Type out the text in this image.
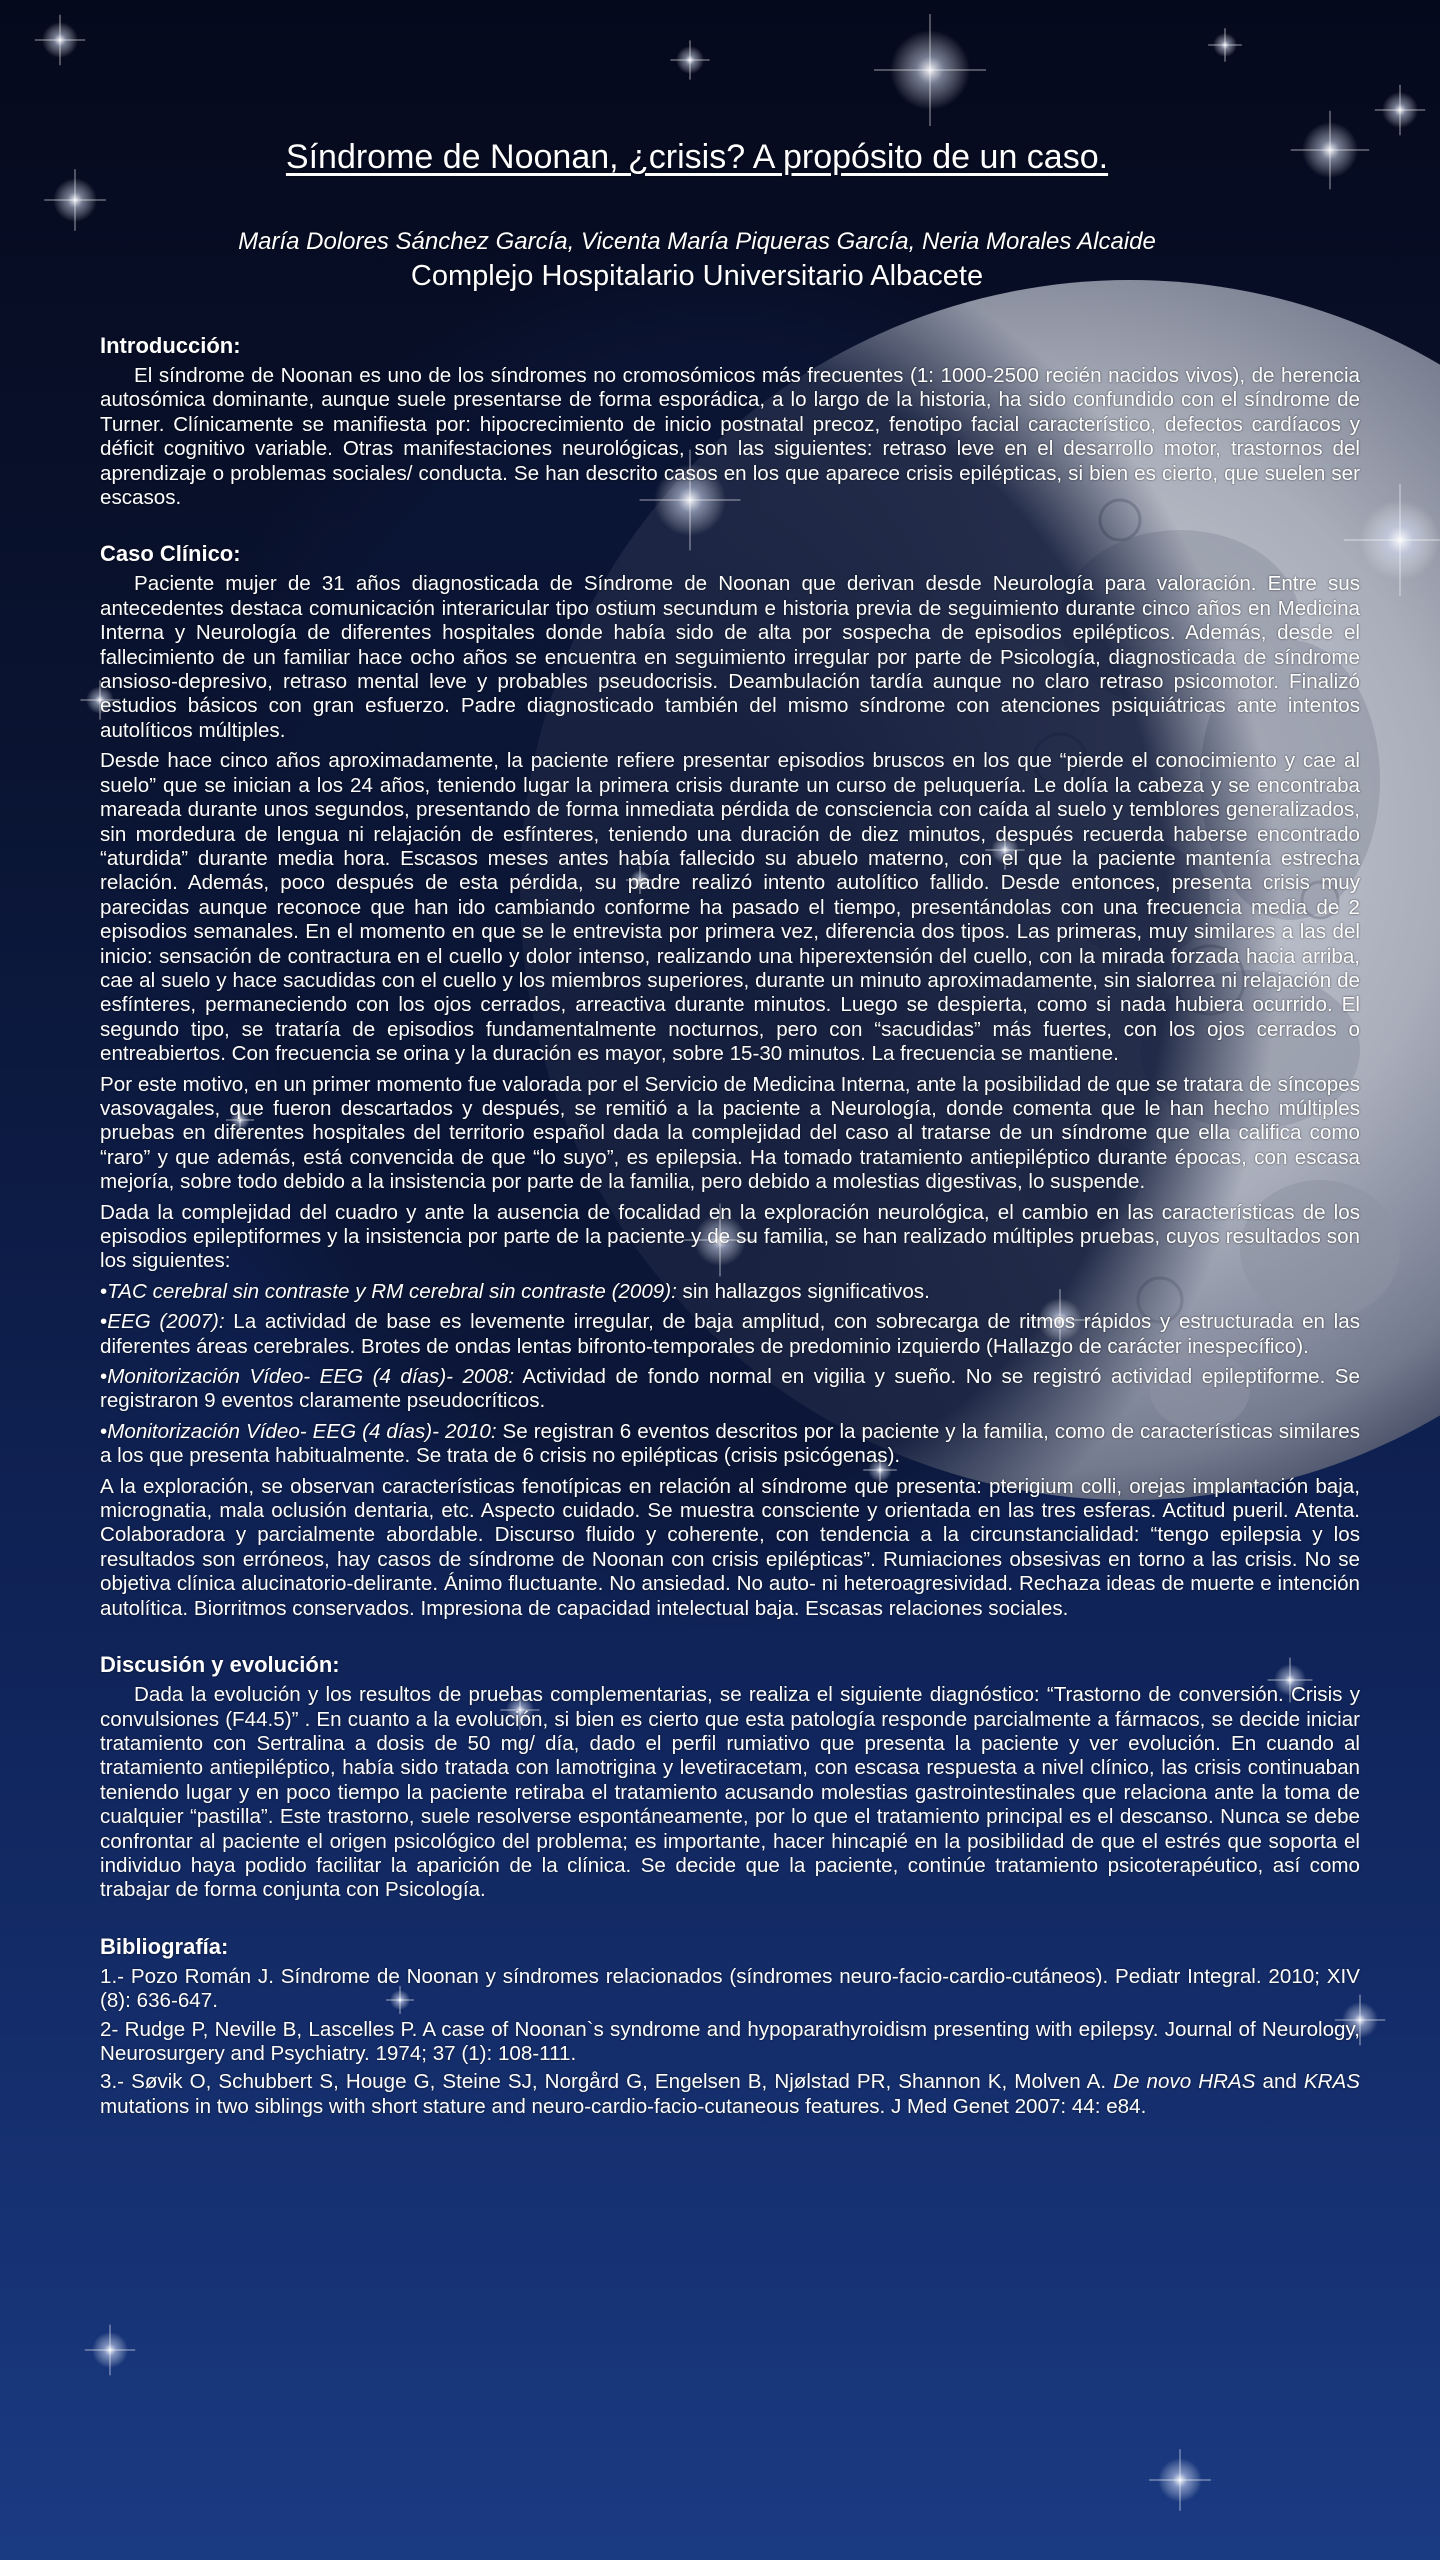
Síndrome de Noonan, ¿crisis? A propósito de un caso.

María Dolores Sánchez García, Vicenta María Piqueras García, Neria Morales Alcaide

Complejo Hospitalario Universitario Albacete

Introducción:

El síndrome de Noonan es uno de los síndromes no cromosómicos más frecuentes (1: 1000-2500 recién nacidos vivos), de herencia autosómica dominante, aunque suele presentarse de forma esporádica, a lo largo de la historia, ha sido confundido con el síndrome de Turner. Clínicamente se manifiesta por: hipocrecimiento de inicio postnatal precoz, fenotipo facial característico, defectos cardíacos y déficit cognitivo variable. Otras manifestaciones neurológicas, son las siguientes: retraso leve en el desarrollo motor, trastornos del aprendizaje o problemas sociales/ conducta. Se han descrito casos en los que aparece crisis epilépticas, si bien es cierto, que suelen ser escasos.

Caso Clínico:

Paciente mujer de 31 años diagnosticada de Síndrome de Noonan que derivan desde Neurología para valoración. Entre sus antecedentes destaca comunicación interaricular tipo ostium secundum e historia previa de seguimiento durante cinco años en Medicina Interna y Neurología de diferentes hospitales donde había sido de alta por sospecha de episodios epilépticos. Además, desde el fallecimiento de un familiar hace ocho años se encuentra en seguimiento irregular por parte de Psicología, diagnosticada de síndrome ansioso-depresivo, retraso mental leve y probables pseudocrisis. Deambulación tardía aunque no claro retraso psicomotor. Finalizó estudios básicos con gran esfuerzo. Padre diagnosticado también del mismo síndrome con atenciones psiquiátricas ante intentos autolíticos múltiples.

Desde hace cinco años aproximadamente, la paciente refiere presentar episodios bruscos en los que “pierde el conocimiento y cae al suelo” que se inician a los 24 años, teniendo lugar la primera crisis durante un curso de peluquería. Le dolía la cabeza y se encontraba mareada durante unos segundos, presentando de forma inmediata pérdida de consciencia con caída al suelo y temblores generalizados, sin mordedura de lengua ni relajación de esfínteres, teniendo una duración de diez minutos, después recuerda haberse encontrado “aturdida” durante media hora. Escasos meses antes había fallecido su abuelo materno, con el que la paciente mantenía estrecha relación. Además, poco después de esta pérdida, su padre realizó intento autolítico fallido. Desde entonces, presenta crisis muy parecidas aunque reconoce que han ido cambiando conforme ha pasado el tiempo, presentándolas con una frecuencia media de 2 episodios semanales. En el momento en que se le entrevista por primera vez, diferencia dos tipos. Las primeras, muy similares a las del inicio: sensación de contractura en el cuello y dolor intenso, realizando una hiperextensión del cuello, con la mirada forzada hacia arriba, cae al suelo y hace sacudidas con el cuello y los miembros superiores, durante un minuto aproximadamente, sin sialorrea ni relajación de esfínteres, permaneciendo con los ojos cerrados, arreactiva durante minutos. Luego se despierta, como si nada hubiera ocurrido. El segundo tipo, se trataría de episodios fundamentalmente nocturnos, pero con “sacudidas” más fuertes, con los ojos cerrados o entreabiertos. Con frecuencia se orina y la duración es mayor, sobre 15-30 minutos. La frecuencia se mantiene.

Por este motivo, en un primer momento fue valorada por el Servicio de Medicina Interna, ante la posibilidad de que se tratara de síncopes vasovagales, que fueron descartados y después, se remitió a la paciente a Neurología, donde comenta que le han hecho múltiples pruebas en diferentes hospitales del territorio español dada la complejidad del caso al tratarse de un síndrome que ella califica como “raro” y que además, está convencida de que “lo suyo”, es epilepsia. Ha tomado tratamiento antiepiléptico durante épocas, con escasa mejoría, sobre todo debido a la insistencia por parte de la familia, pero debido a molestias digestivas, lo suspende.

Dada la complejidad del cuadro y ante la ausencia de focalidad en la exploración neurológica, el cambio en las características de los episodios epileptiformes y la insistencia por parte de la paciente y de su familia, se han realizado múltiples pruebas, cuyos resultados son los siguientes:

•TAC cerebral sin contraste y RM cerebral sin contraste (2009): sin hallazgos significativos.

•EEG (2007): La actividad de base es levemente irregular, de baja amplitud, con sobrecarga de ritmos rápidos y estructurada en las diferentes áreas cerebrales. Brotes de ondas lentas bifronto-temporales de predominio izquierdo (Hallazgo de carácter inespecífico).

•Monitorización Vídeo- EEG (4 días)- 2008: Actividad de fondo normal en vigilia y sueño. No se registró actividad epileptiforme. Se registraron 9 eventos claramente pseudocríticos.

•Monitorización Vídeo- EEG (4 días)- 2010: Se registran 6 eventos descritos por la paciente y la familia, como de características similares a los que presenta habitualmente. Se trata de 6 crisis no epilépticas (crisis psicógenas).

A la exploración, se observan características fenotípicas en relación al síndrome que presenta: pterigium colli, orejas implantación baja, micrognatia, mala oclusión dentaria, etc. Aspecto cuidado. Se muestra consciente y orientada en las tres esferas. Actitud pueril. Atenta. Colaboradora y parcialmente abordable. Discurso fluido y coherente, con tendencia a la circunstancialidad: “tengo epilepsia y los resultados son erróneos, hay casos de síndrome de Noonan con crisis epilépticas”. Rumiaciones obsesivas en torno a las crisis. No se objetiva clínica alucinatorio-delirante. Ánimo fluctuante. No ansiedad. No auto- ni heteroagresividad. Rechaza ideas de muerte e intención autolítica. Biorritmos conservados. Impresiona de capacidad intelectual baja. Escasas relaciones sociales.

Discusión y evolución:

Dada la evolución y los resultos de pruebas complementarias, se realiza el siguiente diagnóstico: “Trastorno de conversión. Crisis y convulsiones (F44.5)” . En cuanto a la evolución, si bien es cierto que esta patología responde parcialmente a fármacos, se decide iniciar tratamiento con Sertralina a dosis de 50 mg/ día, dado el perfil rumiativo que presenta la paciente y ver evolución. En cuando al tratamiento antiepiléptico, había sido tratada con lamotrigina y levetiracetam, con escasa respuesta a nivel clínico, las crisis continuaban teniendo lugar y en poco tiempo la paciente retiraba el tratamiento acusando molestias gastrointestinales que relaciona ante la toma de cualquier “pastilla”. Este trastorno, suele resolverse espontáneamente, por lo que el tratamiento principal es el descanso. Nunca se debe confrontar al paciente el origen psicológico del problema; es importante, hacer hincapié en la posibilidad de que el estrés que soporta el individuo haya podido facilitar la aparición de la clínica. Se decide que la paciente, continúe tratamiento psicoterapéutico, así como trabajar de forma conjunta con Psicología.

Bibliografía:

1.- Pozo Román J. Síndrome de Noonan y síndromes relacionados (síndromes neuro-facio-cardio-cutáneos). Pediatr Integral. 2010; XIV (8): 636-647.

2- Rudge P, Neville B, Lascelles P. A case of Noonan`s syndrome and hypoparathyroidism presenting with epilepsy. Journal of Neurology, Neurosurgery and Psychiatry. 1974; 37 (1): 108-111.

3.- Søvik O, Schubbert S, Houge G, Steine SJ, Norgård G, Engelsen B, Njølstad PR, Shannon K, Molven A. De novo HRAS and KRAS mutations in two siblings with short stature and neuro-cardio-facio-cutaneous features. J Med Genet 2007: 44: e84.
